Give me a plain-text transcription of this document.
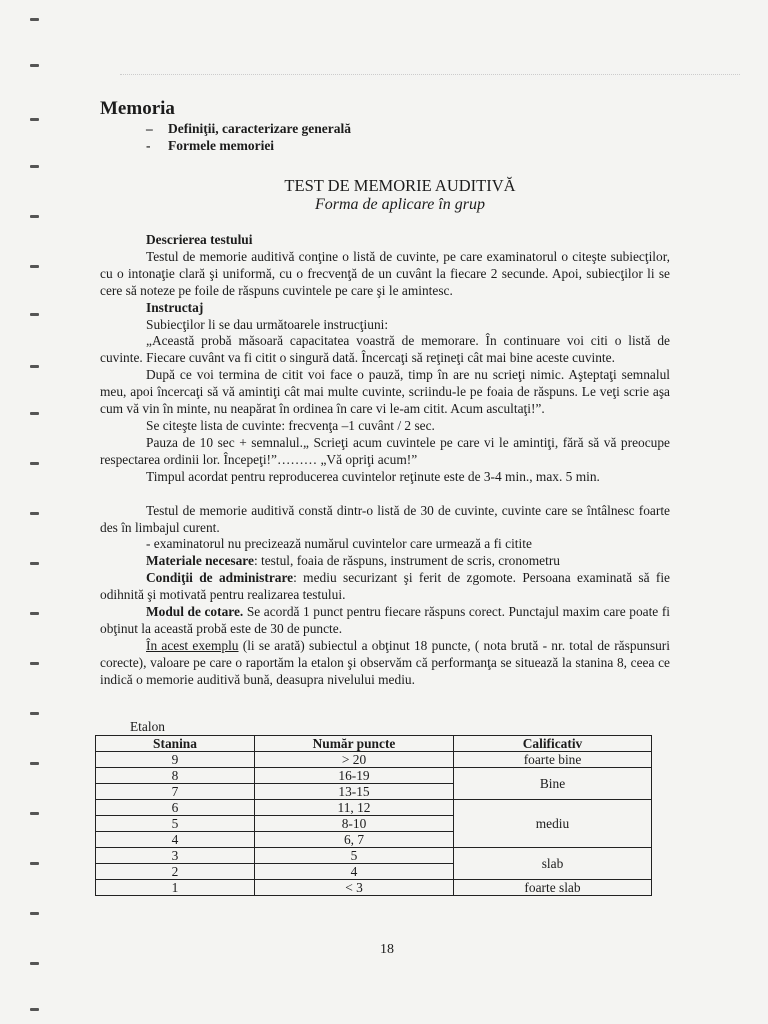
Memoria
– Definiţii, caracterizare generală
- Formele memoriei
TEST DE MEMORIE AUDITIVĂ
Forma de aplicare în grup

Descrierea testului

Testul de memorie auditivă conţine o listă de cuvinte, pe care examinatorul o citeşte subiecţilor, cu o intonaţie clară şi uniformă, cu o frecvenţă de un cuvânt la fiecare 2 secunde. Apoi, subiecţilor li se cere să noteze pe foile de răspuns cuvintele pe care şi le amintesc.

Instructaj

Subiecţilor li se dau următoarele instrucţiuni:

„Această probă măsoară capacitatea voastră de memorare. În continuare voi citi o listă de cuvinte. Fiecare cuvânt va fi citit o singură dată. Încercaţi să reţineţi cât mai bine aceste cuvinte.

După ce voi termina de citit voi face o pauză, timp în are nu scrieţi nimic. Aşteptaţi semnalul meu, apoi încercaţi să vă amintiţi cât mai multe cuvinte, scriindu-le pe foaia de răspuns. Le veţi scrie aşa cum vă vin în minte, nu neapărat în ordinea în care vi le-am citit. Acum ascultaţi!”.

Se citeşte lista de cuvinte: frecvenţa –1 cuvânt / 2 sec.

Pauza de 10 sec + semnalul.„ Scrieţi acum cuvintele pe care vi le amintiţi, fără să vă preocupe respectarea ordinii lor. Începeţi!”……… „Vă opriţi acum!”

Timpul acordat pentru reproducerea cuvintelor reţinute este de 3-4 min., max. 5 min.

Testul de memorie auditivă constă dintr-o listă de 30 de cuvinte, cuvinte care se întâlnesc foarte des în limbajul curent.

- examinatorul nu precizează numărul cuvintelor care urmează a fi citite

Materiale necesare: testul, foaia de răspuns, instrument de scris, cronometru

Condiţii de administrare: mediu securizant şi ferit de zgomote. Persoana examinată să fie odihnită şi motivată pentru realizarea testului.

Modul de cotare. Se acordă 1 punct pentru fiecare răspuns corect. Punctajul maxim care poate fi obţinut la această probă este de 30 de puncte.

În acest exemplu (li se arată) subiectul a obţinut 18 puncte, ( nota brută - nr. total de răspunsuri corecte), valoare pe care o raportăm la etalon şi observăm că performanţa se situează la stanina 8, ceea ce indică o memorie auditivă bună, deasupra nivelului mediu.

Etalon
Stanina	Număr puncte	Calificativ
9	> 20	foarte bine
8	16-19	Bine
7	13-15	
6	11, 12	mediu
5	8-10	
4	6, 7	
3	5	slab
2	4	
1	< 3	foarte slab
18
